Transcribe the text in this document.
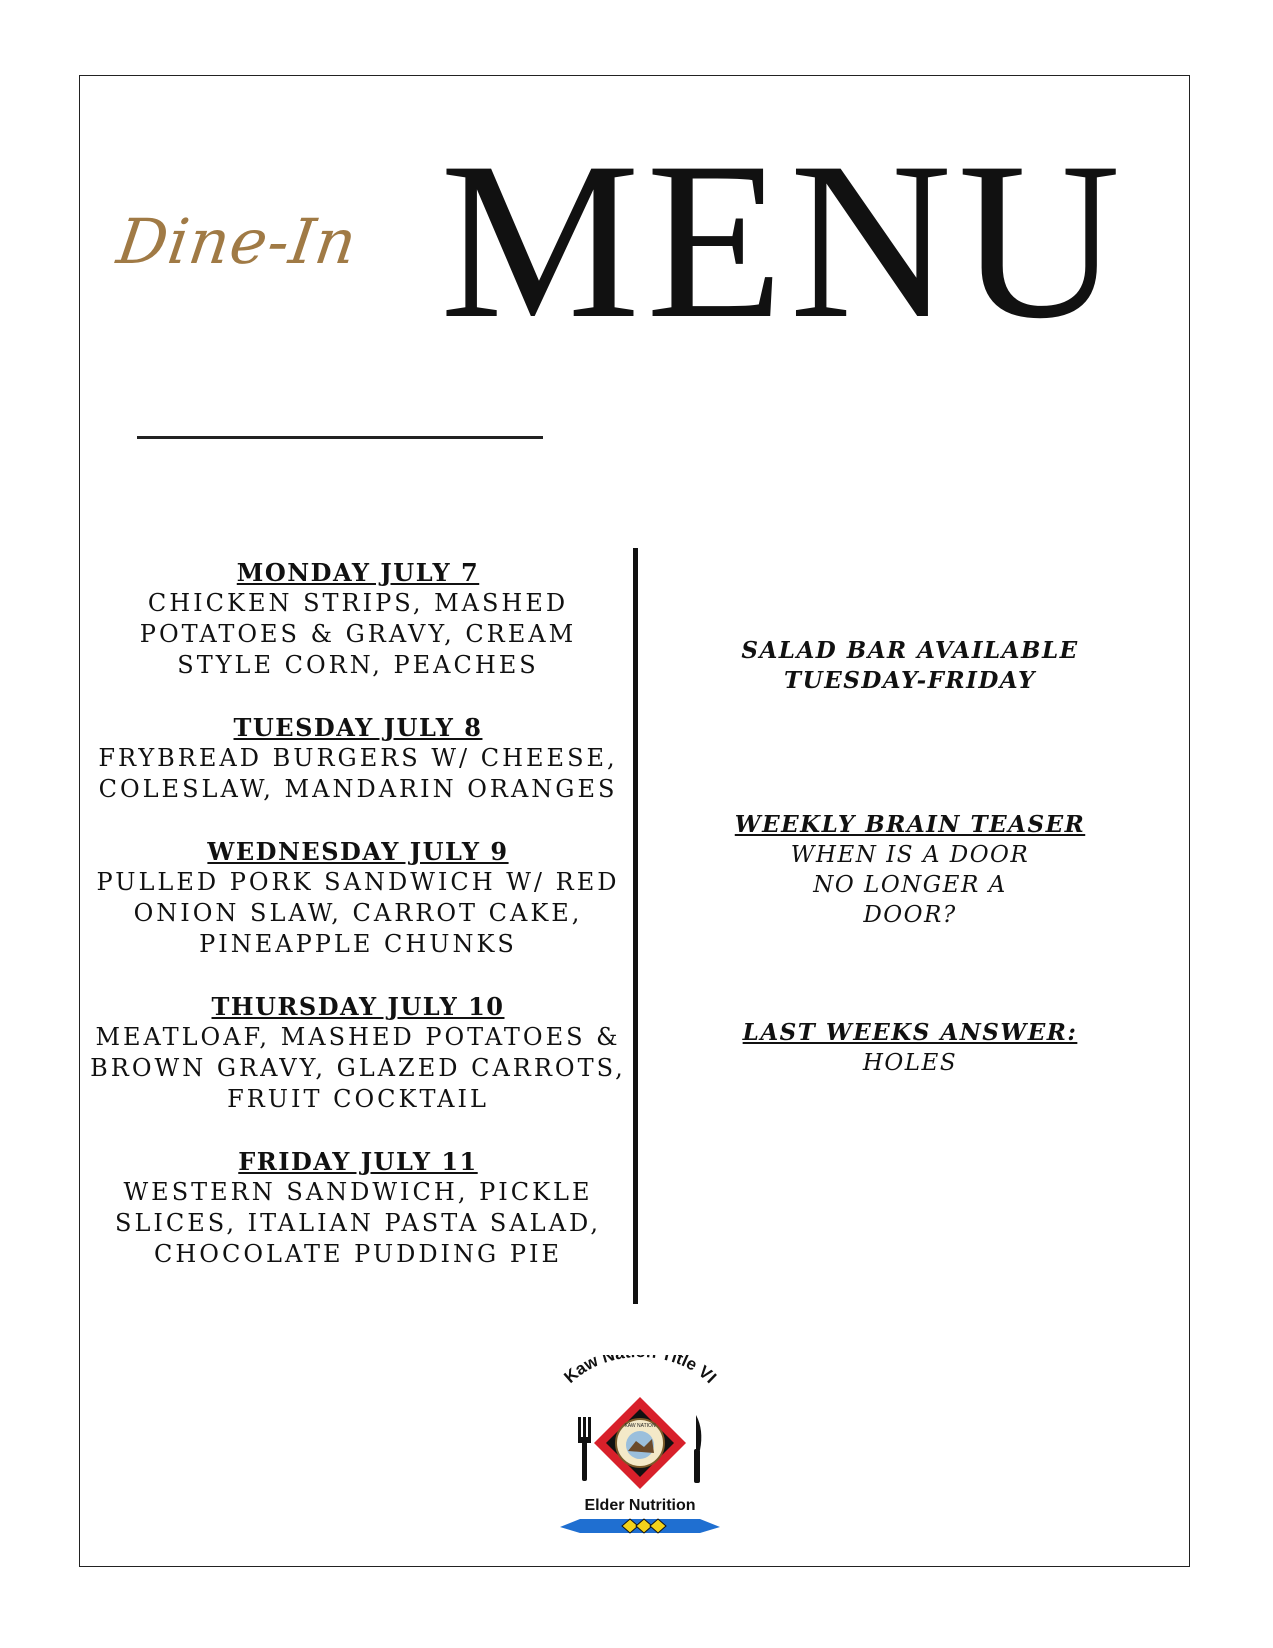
Dine-In MENU
MONDAY JULY 7
CHICKEN STRIPS, MASHED POTATOES & GRAVY, CREAM STYLE CORN, PEACHES
TUESDAY JULY 8
FRYBREAD BURGERS W/ CHEESE, COLESLAW, MANDARIN ORANGES
WEDNESDAY JULY 9
PULLED PORK SANDWICH W/ RED ONION SLAW, CARROT CAKE, PINEAPPLE CHUNKS
THURSDAY JULY 10
MEATLOAF, MASHED POTATOES & BROWN GRAVY, GLAZED CARROTS, FRUIT COCKTAIL
FRIDAY JULY 11
WESTERN SANDWICH, PICKLE SLICES, ITALIAN PASTA SALAD, CHOCOLATE PUDDING PIE
SALAD BAR AVAILABLE
TUESDAY-FRIDAY
WEEKLY BRAIN TEASER
WHEN IS A DOOR NO LONGER A DOOR?
LAST WEEKS ANSWER:
HOLES
Kaw N itle VI
KAW NATION
Elder Nutrition
